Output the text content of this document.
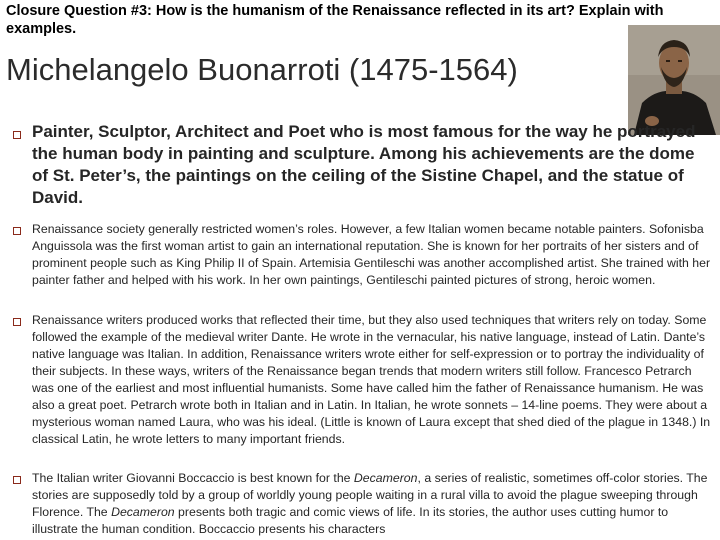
Closure Question #3: How is the humanism of the Renaissance reflected in its art? Explain with examples.
Michelangelo Buonarroti (1475-1564)
Painter, Sculptor, Architect and Poet who is most famous for the way he portrayed the human body in painting and sculpture. Among his achievements are the dome of St. Peter’s, the paintings on the ceiling of the Sistine Chapel, and the statue of David.
Renaissance society generally restricted women’s roles. However, a few Italian women became notable painters. Sofonisba Anguissola was the first woman artist to gain an international reputation. She is known for her portraits of her sisters and of prominent people such as King Philip II of Spain. Artemisia Gentileschi was another accomplished artist. She trained with her painter father and helped with his work. In her own paintings, Gentileschi painted pictures of strong, heroic women.
Renaissance writers produced works that reflected their time, but they also used techniques that writers rely on today. Some followed the example of the medieval writer Dante. He wrote in the vernacular, his native language, instead of Latin. Dante’s native language was Italian. In addition, Renaissance writers wrote either for self-expression or to portray the individuality of their subjects. In these ways, writers of the Renaissance began trends that modern writers still follow. Francesco Petrarch was one of the earliest and most influential humanists. Some have called him the father of Renaissance humanism. He was also a great poet. Petrarch wrote both in Italian and in Latin. In Italian, he wrote sonnets – 14-line poems. They were about a mysterious woman named Laura, who was his ideal. (Little is known of Laura except that shed died of the plague in 1348.) In classical Latin, he wrote letters to many important friends.
The Italian writer Giovanni Boccaccio is best known for the Decameron, a series of realistic, sometimes off-color stories. The stories are supposedly told by a group of worldly young people waiting in a rural villa to avoid the plague sweeping through Florence. The Decameron presents both tragic and comic views of life. In its stories, the author uses cutting humor to illustrate the human condition. Boccaccio presents his characters
